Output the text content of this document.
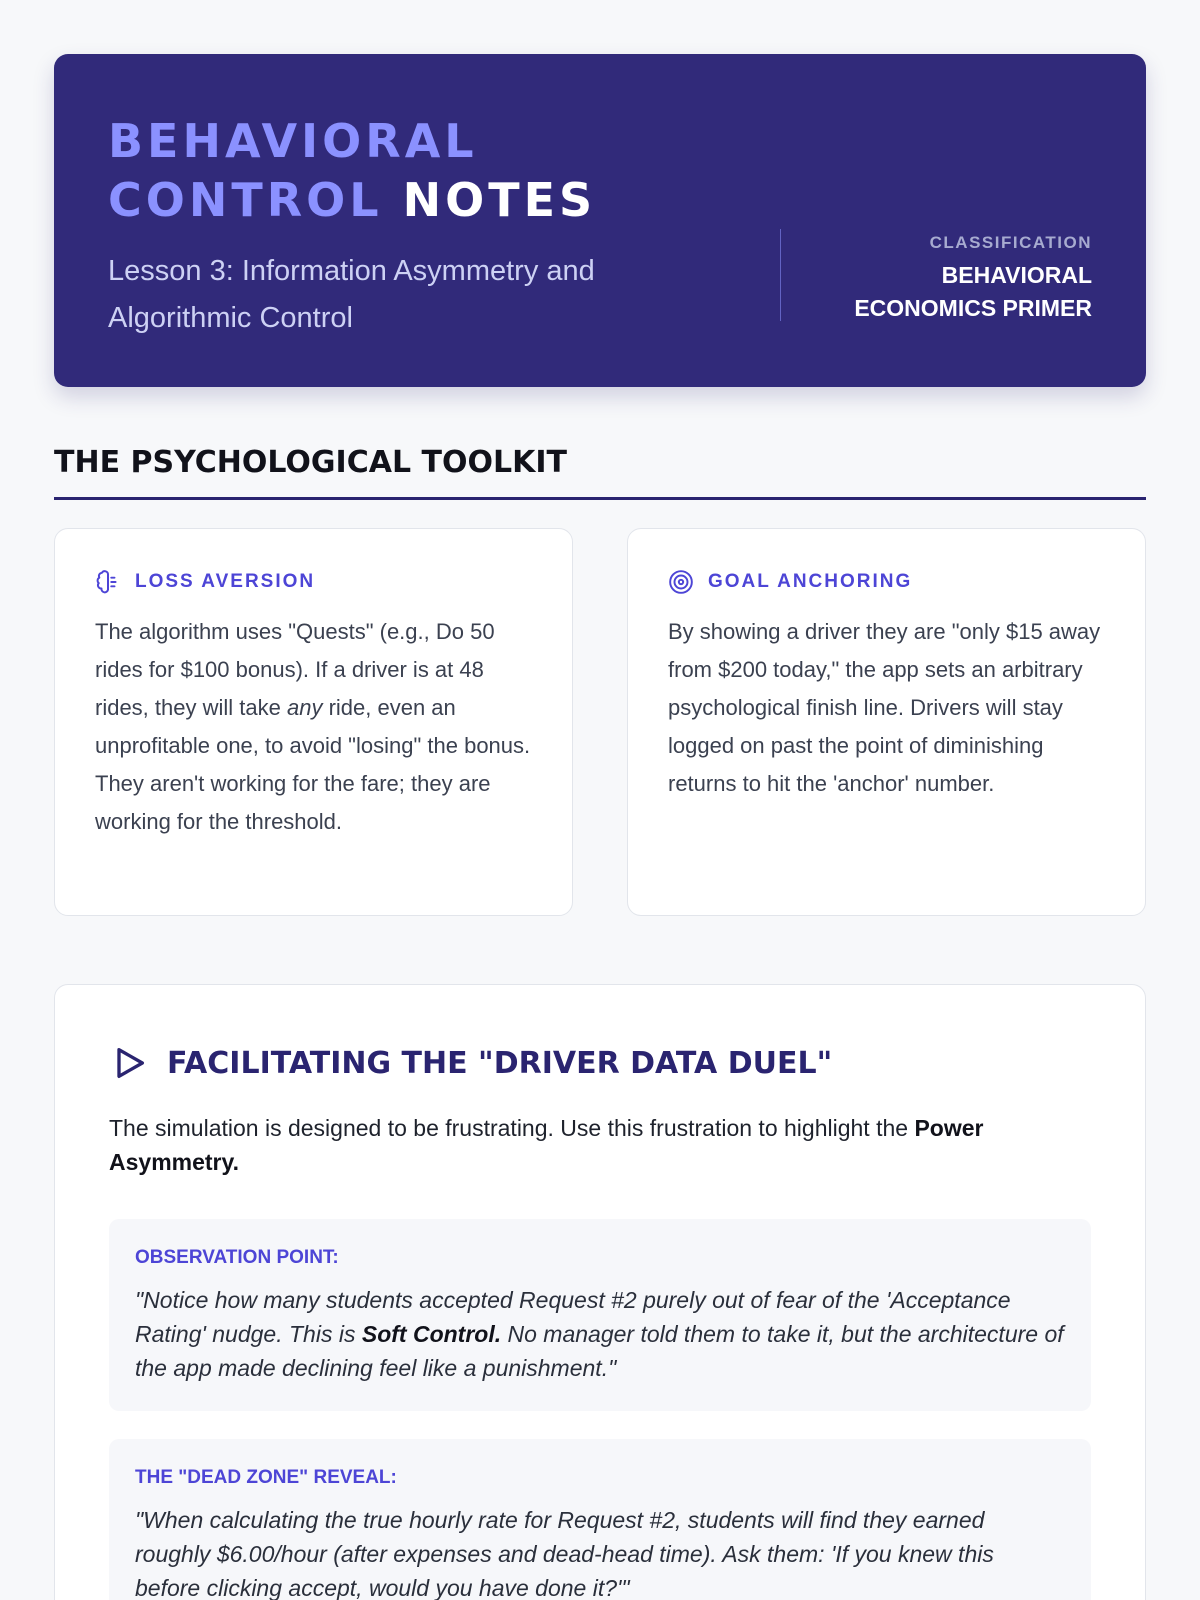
BEHAVIORAL CONTROL NOTES
Lesson 3: Information Asymmetry and Algorithmic Control
CLASSIFICATION
BEHAVIORAL ECONOMICS PRIMER
THE PSYCHOLOGICAL TOOLKIT
LOSS AVERSION

The algorithm uses "Quests" (e.g., Do 50 rides for $100 bonus). If a driver is at 48 rides, they will take any ride, even an unprofitable one, to avoid "losing" the bonus. They aren't working for the fare; they are working for the threshold.

GOAL ANCHORING

By showing a driver they are "only $15 away from $200 today," the app sets an arbitrary psychological finish line. Drivers will stay logged on past the point of diminishing returns to hit the 'anchor' number.

FACILITATING THE "DRIVER DATA DUEL"

The simulation is designed to be frustrating. Use this frustration to highlight the Power Asymmetry.

OBSERVATION POINT:

"Notice how many students accepted Request #2 purely out of fear of the 'Acceptance Rating' nudge. This is Soft Control. No manager told them to take it, but the architecture of the app made declining feel like a punishment."

THE "DEAD ZONE" REVEAL:

"When calculating the true hourly rate for Request #2, students will find they earned roughly $6.00/hour (after expenses and dead-head time). Ask them: 'If you knew this before clicking accept, would you have done it?'"
